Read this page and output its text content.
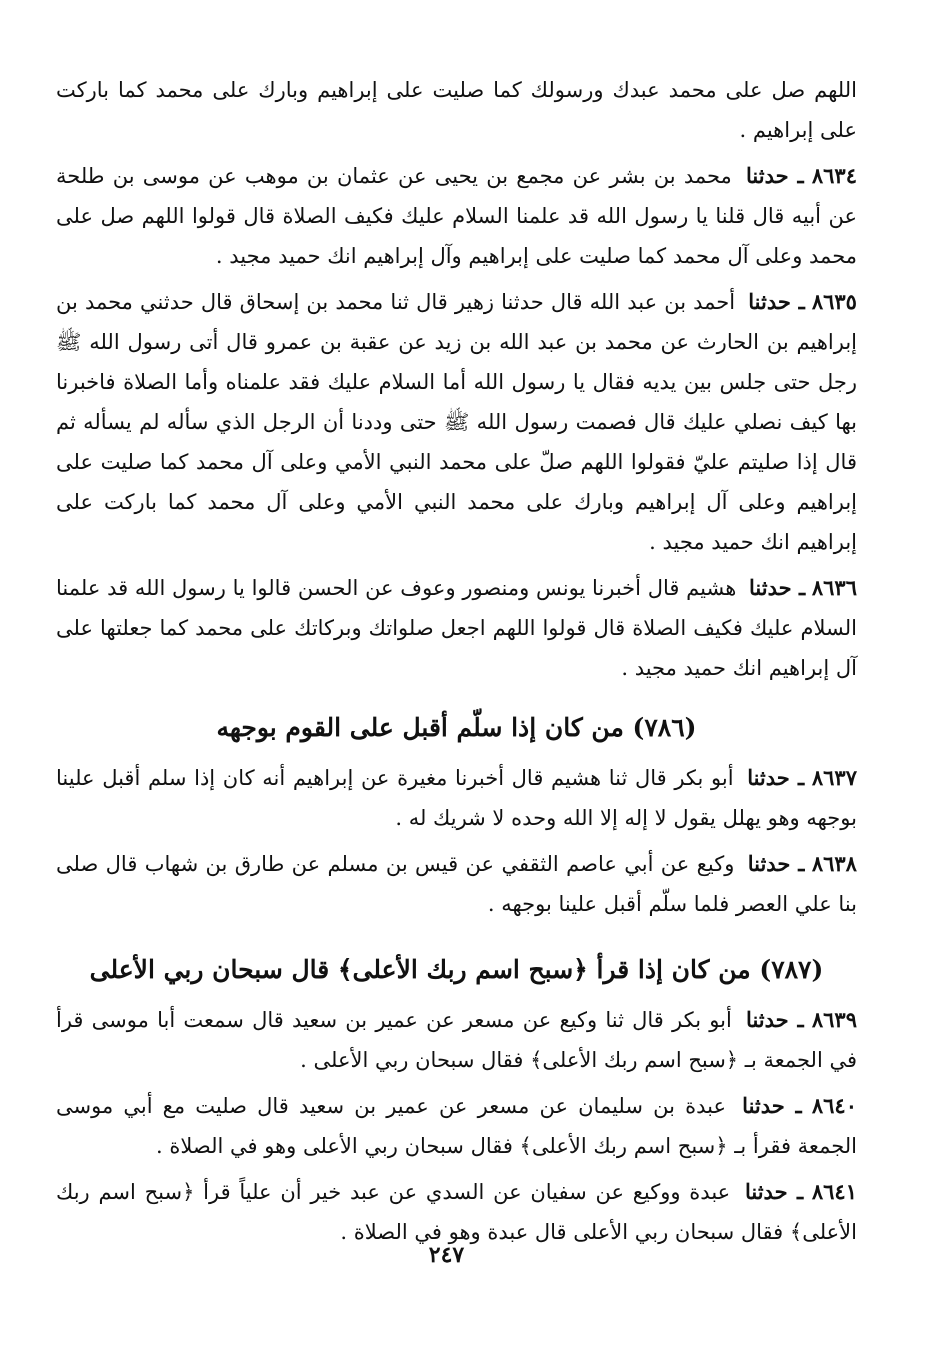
اللهم صل على محمد عبدك ورسولك كما صليت على إبراهيم وبارك على محمد كما باركت على إبراهيم .

٨٦٣٤ ـ حدثنا محمد بن بشر عن مجمع بن يحيى عن عثمان بن موهب عن موسى بن طلحة عن أبيه قال قلنا يا رسول الله قد علمنا السلام عليك فكيف الصلاة قال قولوا اللهم صل على محمد وعلى آل محمد كما صليت على إبراهيم وآل إبراهيم انك حميد مجيد .

٨٦٣٥ ـ حدثنا أحمد بن عبد الله قال حدثنا زهير قال ثنا محمد بن إسحاق قال حدثني محمد بن إبراهيم بن الحارث عن محمد بن عبد الله بن زيد عن عقبة بن عمرو قال أتى رسول الله ﷺ رجل حتى جلس بين يديه فقال يا رسول الله أما السلام عليك فقد علمناه وأما الصلاة فاخبرنا بها كيف نصلي عليك قال فصمت رسول الله ﷺ حتى وددنا أن الرجل الذي سأله لم يسأله ثم قال إذا صليتم عليّ فقولوا اللهم صلّ على محمد النبي الأمي وعلى آل محمد كما صليت على إبراهيم وعلى آل إبراهيم وبارك على محمد النبي الأمي وعلى آل محمد كما باركت على إبراهيم انك حميد مجيد .

٨٦٣٦ ـ حدثنا هشيم قال أخبرنا يونس ومنصور وعوف عن الحسن قالوا يا رسول الله قد علمنا السلام عليك فكيف الصلاة قال قولوا اللهم اجعل صلواتك وبركاتك على محمد كما جعلتها على آل إبراهيم انك حميد مجيد .

(٧٨٦) من كان إذا سلّم أقبل على القوم بوجهه

٨٦٣٧ ـ حدثنا أبو بكر قال ثنا هشيم قال أخبرنا مغيرة عن إبراهيم أنه كان إذا سلم أقبل علينا بوجهه وهو يهلل يقول لا إله إلا الله وحده لا شريك له .

٨٦٣٨ ـ حدثنا وكيع عن أبي عاصم الثقفي عن قيس بن مسلم عن طارق بن شهاب قال صلى بنا علي العصر فلما سلّم أقبل علينا بوجهه .

(٧٨٧) من كان إذا قرأ ﴿سبح اسم ربك الأعلى﴾ قال سبحان ربي الأعلى

٨٦٣٩ ـ حدثنا أبو بكر قال ثنا وكيع عن مسعر عن عمير بن سعيد قال سمعت أبا موسى قرأ في الجمعة بـ ﴿سبح اسم ربك الأعلى﴾ فقال سبحان ربي الأعلى .

٨٦٤٠ ـ حدثنا عبدة بن سليمان عن مسعر عن عمير بن سعيد قال صليت مع أبي موسى الجمعة فقرأ بـ ﴿سبح اسم ربك الأعلى﴾ فقال سبحان ربي الأعلى وهو في الصلاة .

٨٦٤١ ـ حدثنا عبدة ووكيع عن سفيان عن السدي عن عبد خير أن علياً قرأ ﴿سبح اسم ربك الأعلى﴾ فقال سبحان ربي الأعلى قال عبدة وهو في الصلاة .

٢٤٧
